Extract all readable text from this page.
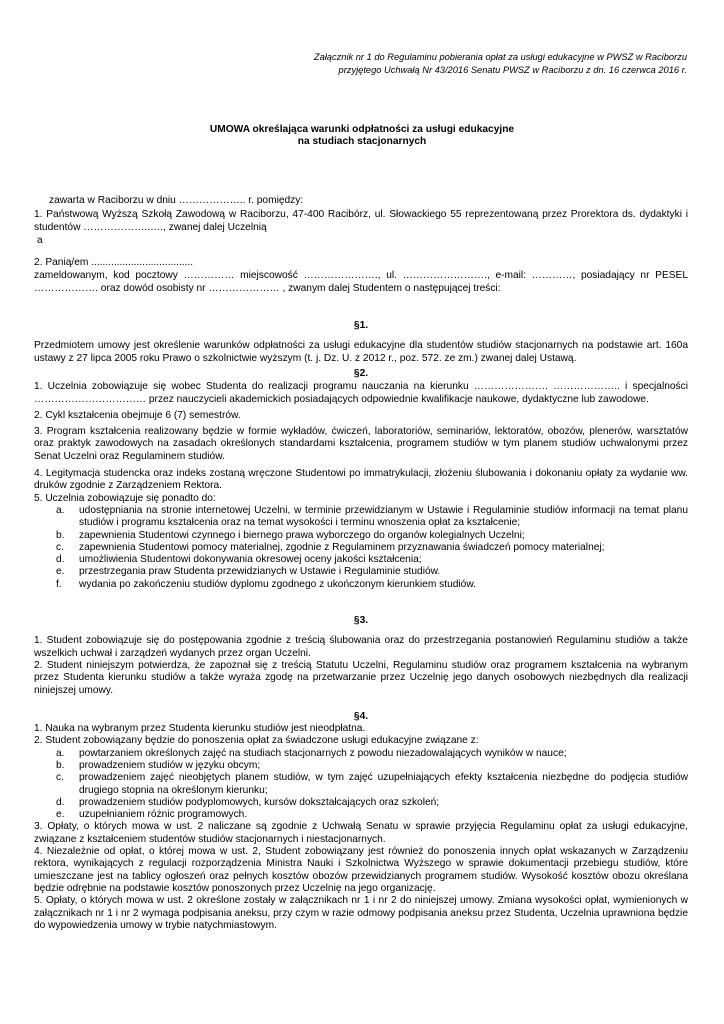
Załącznik nr 1 do Regulaminu pobierania opłat za usługi edukacyjne w PWSZ w Raciborzu
przyjętego Uchwałą Nr 43/2016 Senatu PWSZ w Raciborzu z dn. 16 czerwca 2016 r.
UMOWA określająca warunki odpłatności za usługi edukacyjne
na studiach stacjonarnych
zawarta w Raciborzu w dniu ……………….. r. pomiędzy:
1. Państwową Wyższą Szkołą Zawodową w Raciborzu, 47-400 Racibórz, ul. Słowackiego 55 reprezentowaną przez Prorektora ds. dydaktyki i studentów ………………..…., zwanej dalej Uczelnią
a
2. Panią/em ....................................
zameldowanym, kod pocztowy …………… miejscowość …………………., ul. ……………………., e-mail: …………, posiadający nr PESEL ………………. oraz dowód osobisty nr ………………… , zwanym dalej Studentem o następującej treści:
§1.
Przedmiotem umowy jest określenie warunków odpłatności za usługi edukacyjne dla studentów studiów stacjonarnych na podstawie art. 160a ustawy z 27 lipca 2005 roku Prawo o szkolnictwie wyższym (t. j. Dz. U. z 2012 r., poz. 572. ze zm.) zwanej dalej Ustawą.
§2.
1. Uczelnia zobowiązuje się wobec Studenta do realizacji programu nauczania na kierunku …………………. ……………….. i specjalności …………………………… przez nauczycieli akademickich posiadających odpowiednie kwalifikacje naukowe, dydaktyczne lub zawodowe.
2. Cykl kształcenia obejmuje 6 (7) semestrów.
3. Program kształcenia realizowany będzie w formie wykładów, ćwiczeń, laboratoriów, seminariów, lektoratów, obozów, plenerów, warsztatów oraz praktyk zawodowych na zasadach określonych standardami kształcenia, programem studiów w tym planem studiów uchwalonymi przez Senat Uczelni oraz Regulaminem studiów.
4. Legitymacja studencka oraz indeks zostaną wręczone Studentowi po immatrykulacji, złożeniu ślubowania i dokonaniu opłaty za wydanie ww. druków zgodnie z Zarządzeniem Rektora.
5. Uczelnia zobowiązuje się ponadto do:
a. udostępniania na stronie internetowej Uczelni, w terminie przewidzianym w Ustawie i Regulaminie studiów informacji na temat planu studiów i programu kształcenia oraz na temat wysokości i terminu wnoszenia opłat za kształcenie;
b. zapewnienia Studentowi czynnego i biernego prawa wyborczego do organów kolegialnych Uczelni;
c. zapewnienia Studentowi pomocy materialnej, zgodnie z Regulaminem przyznawania świadczeń pomocy materialnej;
d. umożliwienia Studentowi dokonywania okresowej oceny jakości kształcenia;
e. przestrzegania praw Studenta przewidzianych w Ustawie i Regulaminie studiów.
f. wydania po zakończeniu studiów dyplomu zgodnego z ukończonym kierunkiem studiów.
§3.
1. Student zobowiązuje się do postępowania zgodnie z treścią ślubowania oraz do przestrzegania postanowień Regulaminu studiów a także wszelkich uchwał i zarządzeń wydanych przez organ Uczelni.
2. Student niniejszym potwierdza, że zapoznał się z treścią Statutu Uczelni, Regulaminu studiów oraz programem kształcenia na wybranym przez Studenta kierunku studiów a także wyraża zgodę na przetwarzanie przez Uczelnię jego danych osobowych niezbędnych dla realizacji niniejszej umowy.
§4.
1. Nauka na wybranym przez Studenta kierunku studiów jest nieodpłatna.
2. Student zobowiązany będzie do ponoszenia opłat za świadczone usługi edukacyjne związane z:
a. powtarzaniem określonych zajęć na studiach stacjonarnych z powodu niezadowalających wyników w nauce;
b. prowadzeniem studiów w języku obcym;
c. prowadzeniem zajęć nieobjętych planem studiów, w tym zajęć uzupełniających efekty kształcenia niezbędne do podjęcia studiów drugiego stopnia na określonym kierunku;
d. prowadzeniem studiów podyplomowych, kursów dokształcających oraz szkoleń;
e. uzupełnianiem różnic programowych.
3. Opłaty, o których mowa w ust. 2 naliczane są zgodnie z Uchwałą Senatu w sprawie przyjęcia Regulaminu opłat za usługi edukacyjne, związane z kształceniem studentów studiów stacjonarnych i niestacjonarnych.
4. Niezależnie od opłat, o której mowa w ust. 2, Student zobowiązany jest również do ponoszenia innych opłat wskazanych w Zarządzeniu rektora, wynikających z regulacji rozporządzenia Ministra Nauki i Szkolnictwa Wyższego w sprawie dokumentacji przebiegu studiów, które umieszczane jest na tablicy ogłoszeń oraz pełnych kosztów obozów przewidzianych programem studiów. Wysokość kosztów obozu określana będzie odrębnie na podstawie kosztów ponoszonych przez Uczelnię na jego organizację.
5. Opłaty, o których mowa w ust. 2 określone zostały w załącznikach nr 1 i nr 2 do niniejszej umowy. Zmiana wysokości opłat, wymienionych w załącznikach nr 1 i nr 2 wymaga podpisania aneksu, przy czym w razie odmowy podpisania aneksu przez Studenta, Uczelnia uprawniona będzie do wypowiedzenia umowy w trybie natychmiastowym.
